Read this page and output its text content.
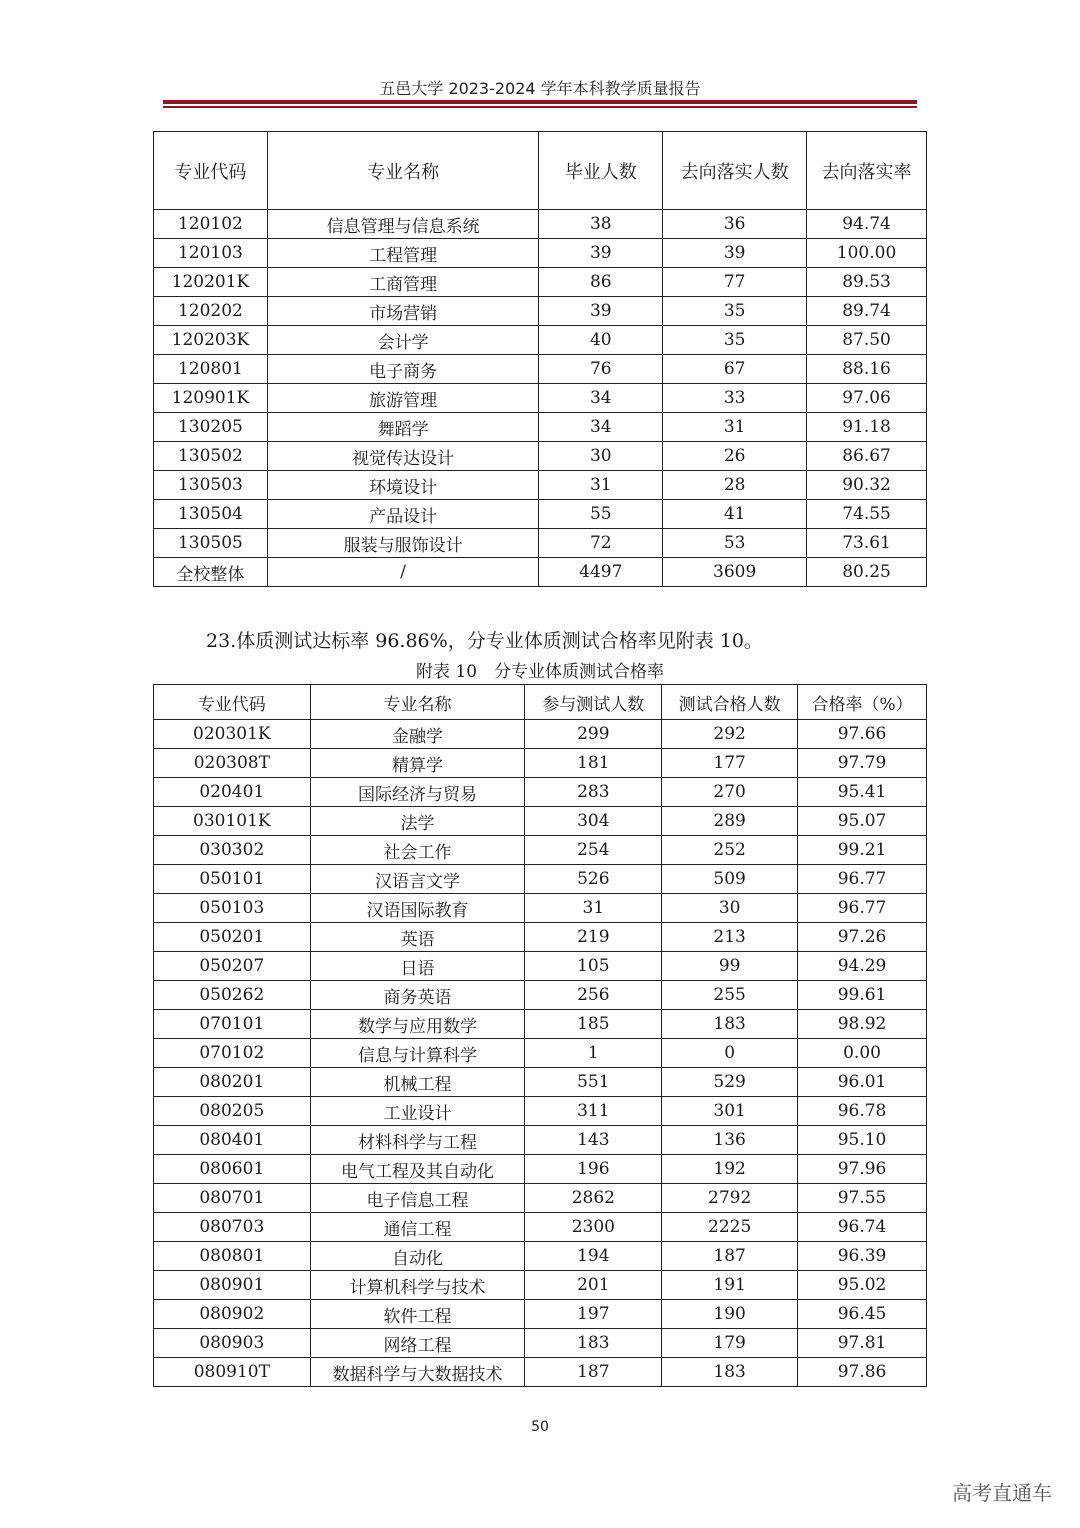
五邑大学 2023-2024 学年本科教学质量报告
专业代码	专业名称	毕业人数	去向落实人数	去向落实率
120102	信息管理与信息系统	38	36	94.74
120103	工程管理	39	39	100.00
120201K	工商管理	86	77	89.53
120202	市场营销	39	35	89.74
120203K	会计学	40	35	87.50
120801	电子商务	76	67	88.16
120901K	旅游管理	34	33	97.06
130205	舞蹈学	34	31	91.18
130502	视觉传达设计	30	26	86.67
130503	环境设计	31	28	90.32
130504	产品设计	55	41	74.55
130505	服装与服饰设计	72	53	73.61
全校整体	/	4497	3609	80.25
23.体质测试达标率 96.86%，分专业体质测试合格率见附表 10。
附表 10　分专业体质测试合格率
专业代码	专业名称	参与测试人数	测试合格人数	合格率（%）
020301K	金融学	299	292	97.66
020308T	精算学	181	177	97.79
020401	国际经济与贸易	283	270	95.41
030101K	法学	304	289	95.07
030302	社会工作	254	252	99.21
050101	汉语言文学	526	509	96.77
050103	汉语国际教育	31	30	96.77
050201	英语	219	213	97.26
050207	日语	105	99	94.29
050262	商务英语	256	255	99.61
070101	数学与应用数学	185	183	98.92
070102	信息与计算科学	1	0	0.00
080201	机械工程	551	529	96.01
080205	工业设计	311	301	96.78
080401	材料科学与工程	143	136	95.10
080601	电气工程及其自动化	196	192	97.96
080701	电子信息工程	2862	2792	97.55
080703	通信工程	2300	2225	96.74
080801	自动化	194	187	96.39
080901	计算机科学与技术	201	191	95.02
080902	软件工程	197	190	96.45
080903	网络工程	183	179	97.81
080910T	数据科学与大数据技术	187	183	97.86
50
高考直通车
